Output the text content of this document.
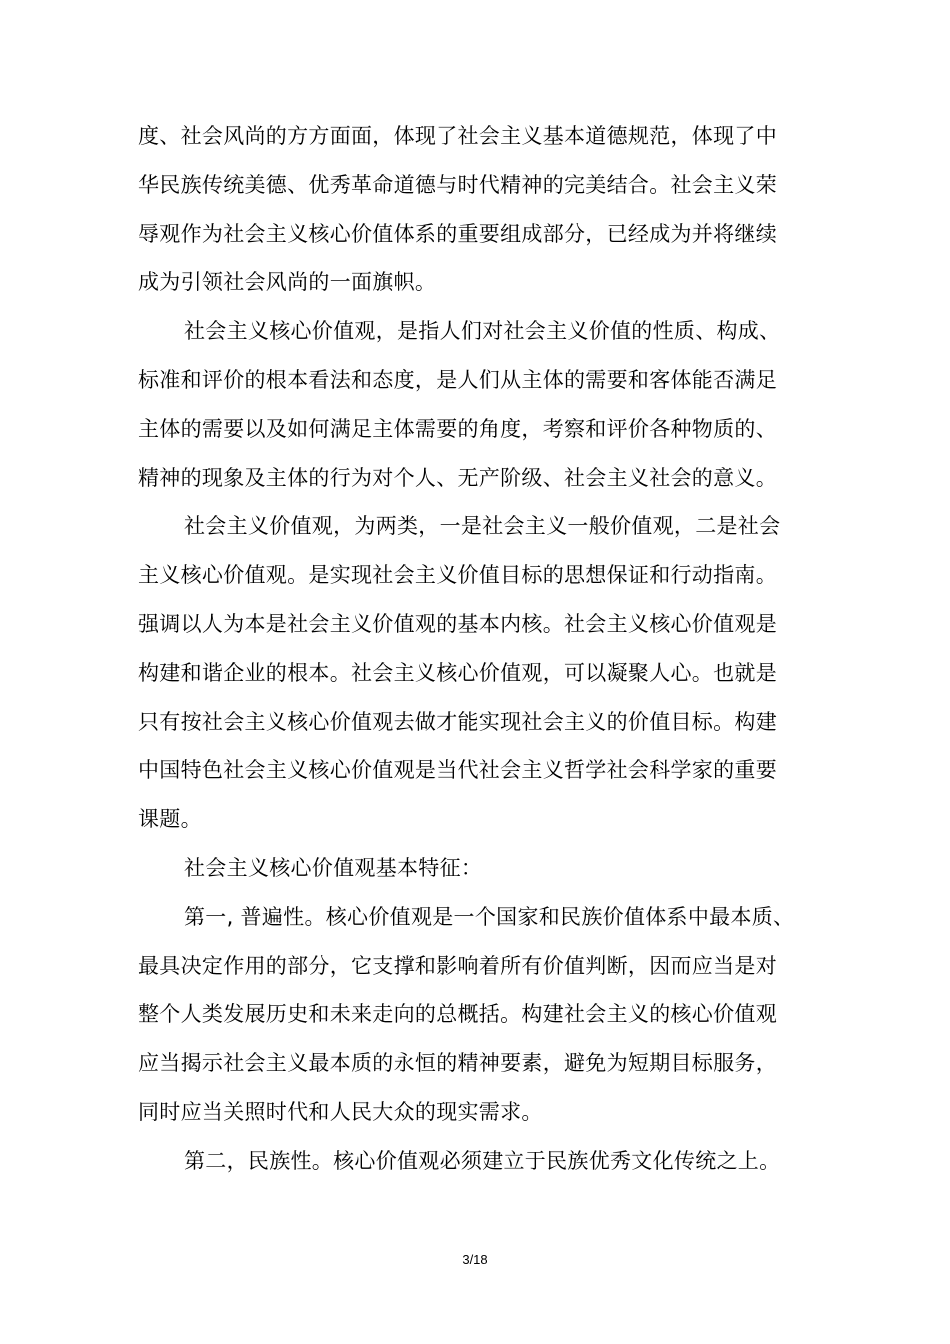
度、社会风尚的方方面面，体现了社会主义基本道德规范，体现了中
华民族传统美德、优秀革命道德与时代精神的完美结合。社会主义荣
辱观作为社会主义核心价值体系的重要组成部分，已经成为并将继续
成为引领社会风尚的一面旗帜。
社会主义核心价值观，是指人们对社会主义价值的性质、构成、
标准和评价的根本看法和态度，是人们从主体的需要和客体能否满足
主体的需要以及如何满足主体需要的角度，考察和评价各种物质的、
精神的现象及主体的行为对个人、无产阶级、社会主义社会的意义。
社会主义价值观，为两类，一是社会主义一般价值观，二是社会
主义核心价值观。是实现社会主义价值目标的思想保证和行动指南。
强调以人为本是社会主义价值观的基本内核。社会主义核心价值观是
构建和谐企业的根本。社会主义核心价值观，可以凝聚人心。也就是
只有按社会主义核心价值观去做才能实现社会主义的价值目标。构建
中国特色社会主义核心价值观是当代社会主义哲学社会科学家的重要
课题。
社会主义核心价值观基本特征：
第一, 普遍性。核心价值观是一个国家和民族价值体系中最本质、
最具决定作用的部分，它支撑和影响着所有价值判断，因而应当是对
整个人类发展历史和未来走向的总概括。构建社会主义的核心价值观
应当揭示社会主义最本质的永恒的精神要素，避免为短期目标服务，
同时应当关照时代和人民大众的现实需求。
第二，民族性。核心价值观必须建立于民族优秀文化传统之上。
3/18
